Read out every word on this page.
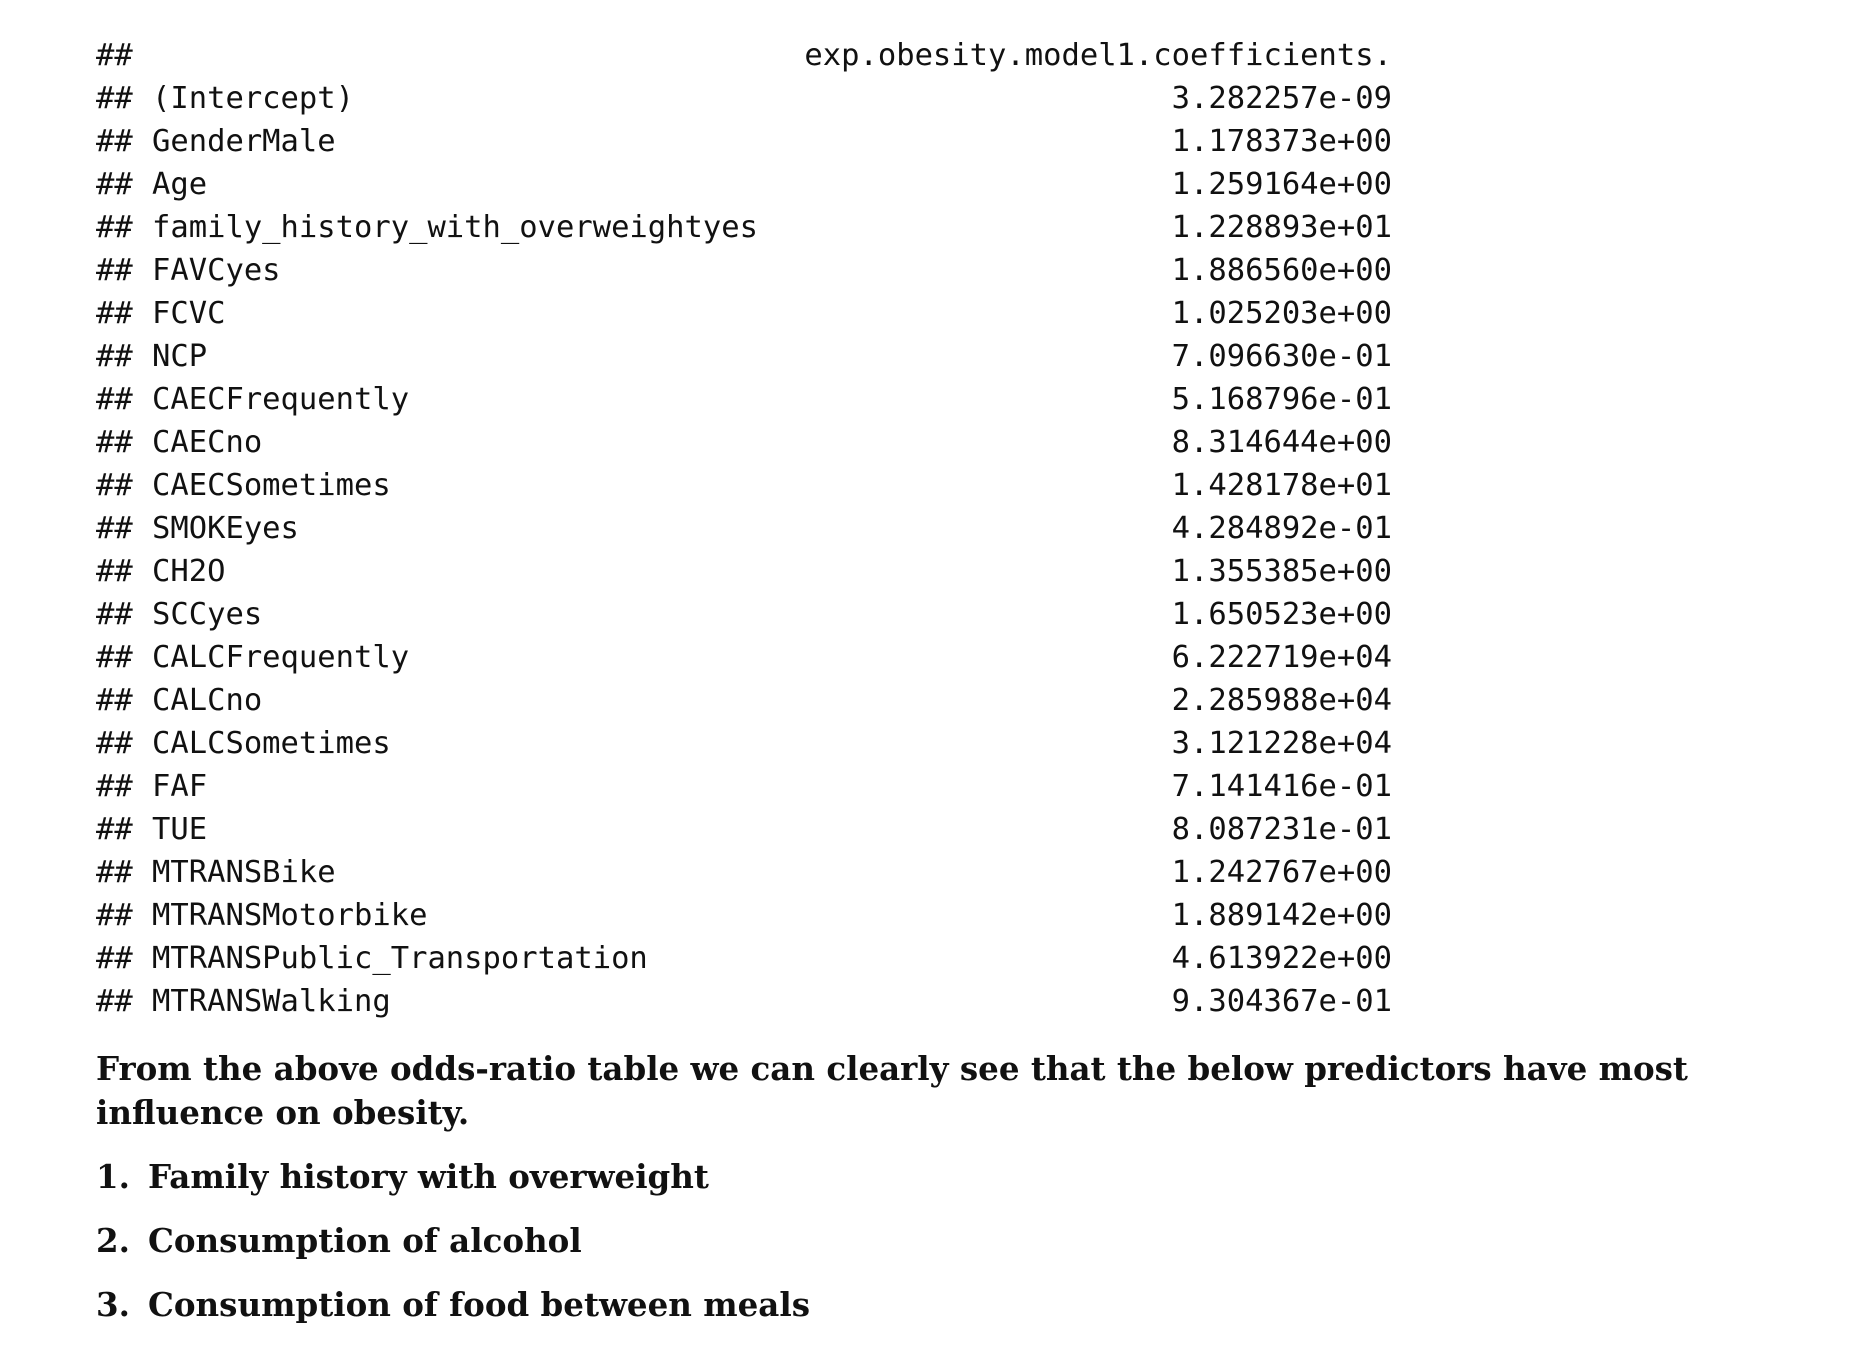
##	exp.obesity.model1.coefficients.
## (Intercept)	3.282257e-09
## GenderMale	1.178373e+00
## Age	1.259164e+00
## family_history_with_overweightyes	1.228893e+01
## FAVCyes	1.886560e+00
## FCVC	1.025203e+00
## NCP	7.096630e-01
## CAECFrequently	5.168796e-01
## CAECno	8.314644e+00
## CAECSometimes	1.428178e+01
## SMOKEyes	4.284892e-01
## CH2O	1.355385e+00
## SCCyes	1.650523e+00
## CALCFrequently	6.222719e+04
## CALCno	2.285988e+04
## CALCSometimes	3.121228e+04
## FAF	7.141416e-01
## TUE	8.087231e-01
## MTRANSBike	1.242767e+00
## MTRANSMotorbike	1.889142e+00
## MTRANSPublic_Transportation	4.613922e+00
## MTRANSWalking	9.304367e-01

From the above odds-ratio table we can clearly see that the below predictors have most influence on obesity.

1. Family history with overweight
2. Consumption of alcohol
3. Consumption of food between meals
